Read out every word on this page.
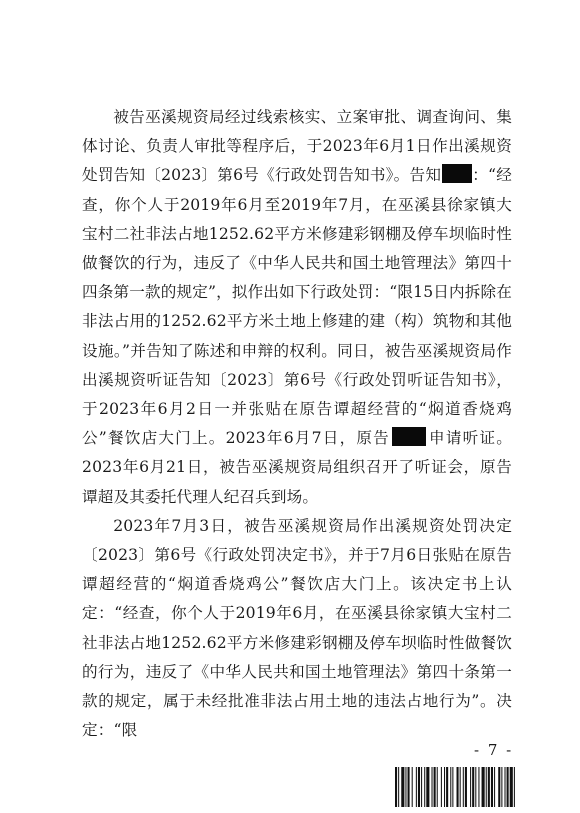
被告巫溪规资局经过线索核实、立案审批、调查询问、集体讨论、负责人审批等程序后，于2023年6月1日作出溪规资处罚告知〔2023〕第6号《行政处罚告知书》。告知 ：“经查，你个人于2019年6月至2019年7月，在巫溪县徐家镇大宝村二社非法占地1252.62平方米修建彩钢棚及停车坝临时性做餐饮的行为，违反了《中华人民共和国土地管理法》第四十四条第一款的规定”，拟作出如下行政处罚：“限15日内拆除在非法占用的1252.62平方米土地上修建的建（构）筑物和其他设施。”并告知了陈述和申辩的权利。同日，被告巫溪规资局作出溪规资听证告知〔2023〕第6号《行政处罚听证告知书》，于2023年6月2日一并张贴在原告谭超经营的“焖道香烧鸡公”餐饮店大门上。2023年6月7日，原告 申请听证。2023年6月21日，被告巫溪规资局组织召开了听证会，原告谭超及其委托代理人纪召兵到场。

2023年7月3日，被告巫溪规资局作出溪规资处罚决定〔2023〕第6号《行政处罚决定书》，并于7月6日张贴在原告谭超经营的“焖道香烧鸡公”餐饮店大门上。该决定书上认定：“经查，你个人于2019年6月，在巫溪县徐家镇大宝村二社非法占地1252.62平方米修建彩钢棚及停车坝临时性做餐饮的行为，违反了《中华人民共和国土地管理法》第四十条第一款的规定，属于未经批准非法占用土地的违法占地行为”。决定：“限

- 7 -
